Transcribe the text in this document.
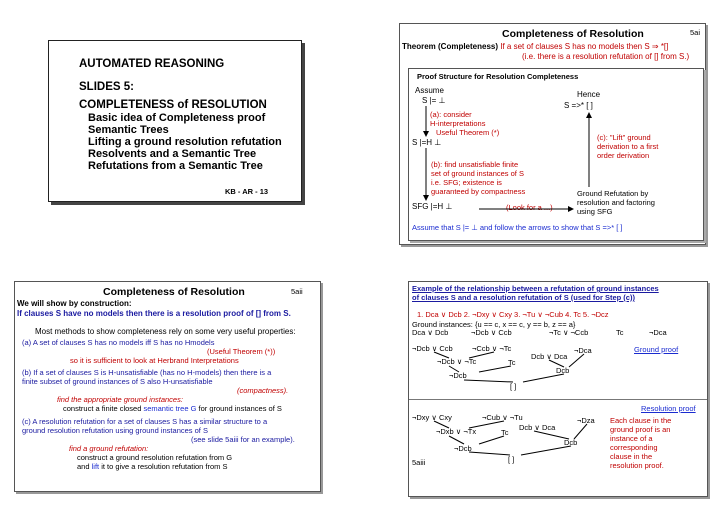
AUTOMATED REASONING
SLIDES 5:
COMPLETENESS of RESOLUTION
Basic idea of Completeness proof
Semantic Trees
Lifting a ground resolution refutation
Resolvents and a Semantic Tree
Refutations from a Semantic Tree
KB - AR - 13
Completeness of Resolution	5ai
Theorem (Completeness) If a set of clauses S has no models then S ⇒ *[]
(i.e. there is a resolution refutation of [] from S.)
Proof Structure for Resolution Completeness
Assume
S |= ⊥
Hence
S =>* [ ]
(a): consider
H-interpretations
Useful Theorem (*)
S |=H ⊥
(c): "Lift" ground
derivation to a first
order derivation
(b): find unsatisfiable finite
set of ground instances of S
i.e. SFG; existence is
guaranteed by compactness	Ground Refutation by
resolution and factoring
using SFG
SFG |=H ⊥	(Look for a ...)
Assume that S |= ⊥ and follow the arrows to show that S =>* [ ]
Completeness of Resolution	5aii
We will show by construction:
If clauses S have no models then there is a resolution proof of [] from S.
Most methods to show completeness rely on some very useful properties:
(a) A set of clauses S has no models iff S has no Hmodels
(Useful Theorem (*))
so it is sufficient to look at Herbrand Interpretations
(b) If a set of clauses S is H-unsatisfiable (has no H-models) then there is a
finite subset of ground instances of S also H-unsatisfiable
(compactness).
find the appropriate ground instances:
construct a finite closed semantic tree G for ground instances of S
(c) A resolution refutation for a set of clauses S has a similar structure to a
ground resolution refutation using ground instances of S
(see slide 5aiii for an example).
find a ground refutation:
construct a ground resolution refutation from G
and lift it to give a resolution refutation from S
Example of the relationship between a refutation of ground instances
of clauses S and a resolution refutation of S (used for Step (c))
1. Dca ∨ Dcb 2. ¬Dxy ∨ Cxy 3. ¬Tu ∨ ¬Cub 4. Tc 5. ¬Dcz
Ground instances: {u == c, x == c, y == b, z == a}
Dca ∨ Dcb	¬Dcb ∨ Ccb	¬Tc ∨ ¬Ccb	Tc	¬Dca
¬Dcb ∨ Ccb	¬Ccb ∨ ¬Tc	¬Dca
Dcb ∨ Dca
¬Dcb ∨ ¬Tc	Tc
Dcb
¬Dcb
[ ]
Ground proof
Resolution proof
¬Dxy ∨ Cxy	¬Cub ∨ ¬Tu	¬Dza
Dcb ∨ Dca
¬Dxb ∨ ¬Tx	Tc
Dcb
¬Dcb
[ ]
Each clause in the
ground proof is an
instance of a
corresponding
clause in the
resolution proof.
5aiii
